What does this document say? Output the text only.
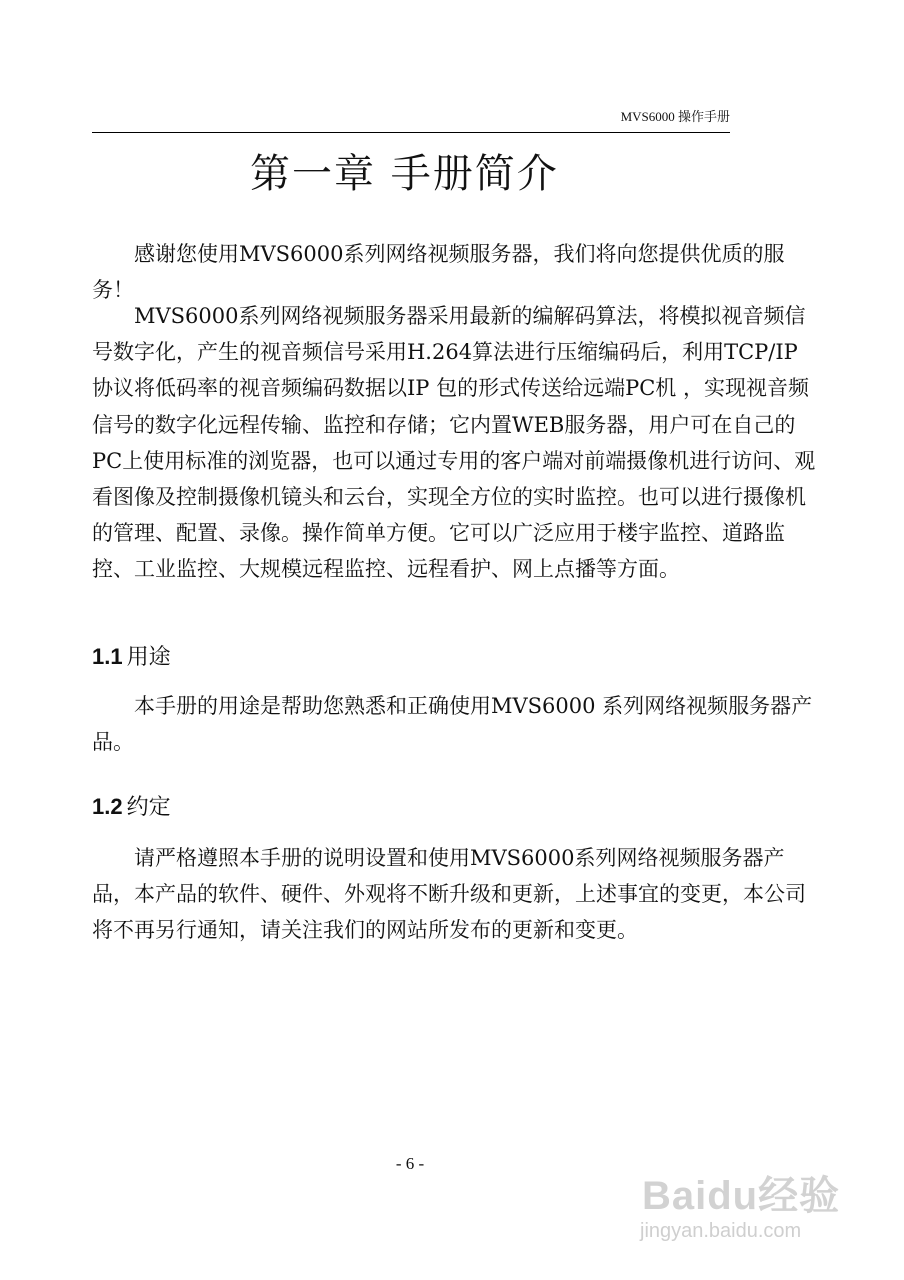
MVS6000 操作手册
第一章 手册简介

感谢您使用MVS6000系列网络视频服务器，我们将向您提供优质的服务！

MVS6000系列网络视频服务器采用最新的编解码算法，将模拟视音频信号数字化，产生的视音频信号采用H.264算法进行压缩编码后，利用TCP/IP协议将低码率的视音频编码数据以IP 包的形式传送给远端PC机 ，实现视音频信号的数字化远程传输、监控和存储；它内置WEB服务器，用户可在自己的PC上使用标准的浏览器，也可以通过专用的客户端对前端摄像机进行访问、观看图像及控制摄像机镜头和云台，实现全方位的实时监控。也可以进行摄像机的管理、配置、录像。操作简单方便。它可以广泛应用于楼宇监控、道路监控、工业监控、大规模远程监控、远程看护、网上点播等方面。

1.1 用途

本手册的用途是帮助您熟悉和正确使用MVS6000 系列网络视频服务器产品。

1.2 约定

请严格遵照本手册的说明设置和使用MVS6000系列网络视频服务器产品，本产品的软件、硬件、外观将不断升级和更新，上述事宜的变更，本公司将不再另行通知，请关注我们的网站所发布的更新和变更。

- 6 -
Baidu经验
jingyan.baidu.com
